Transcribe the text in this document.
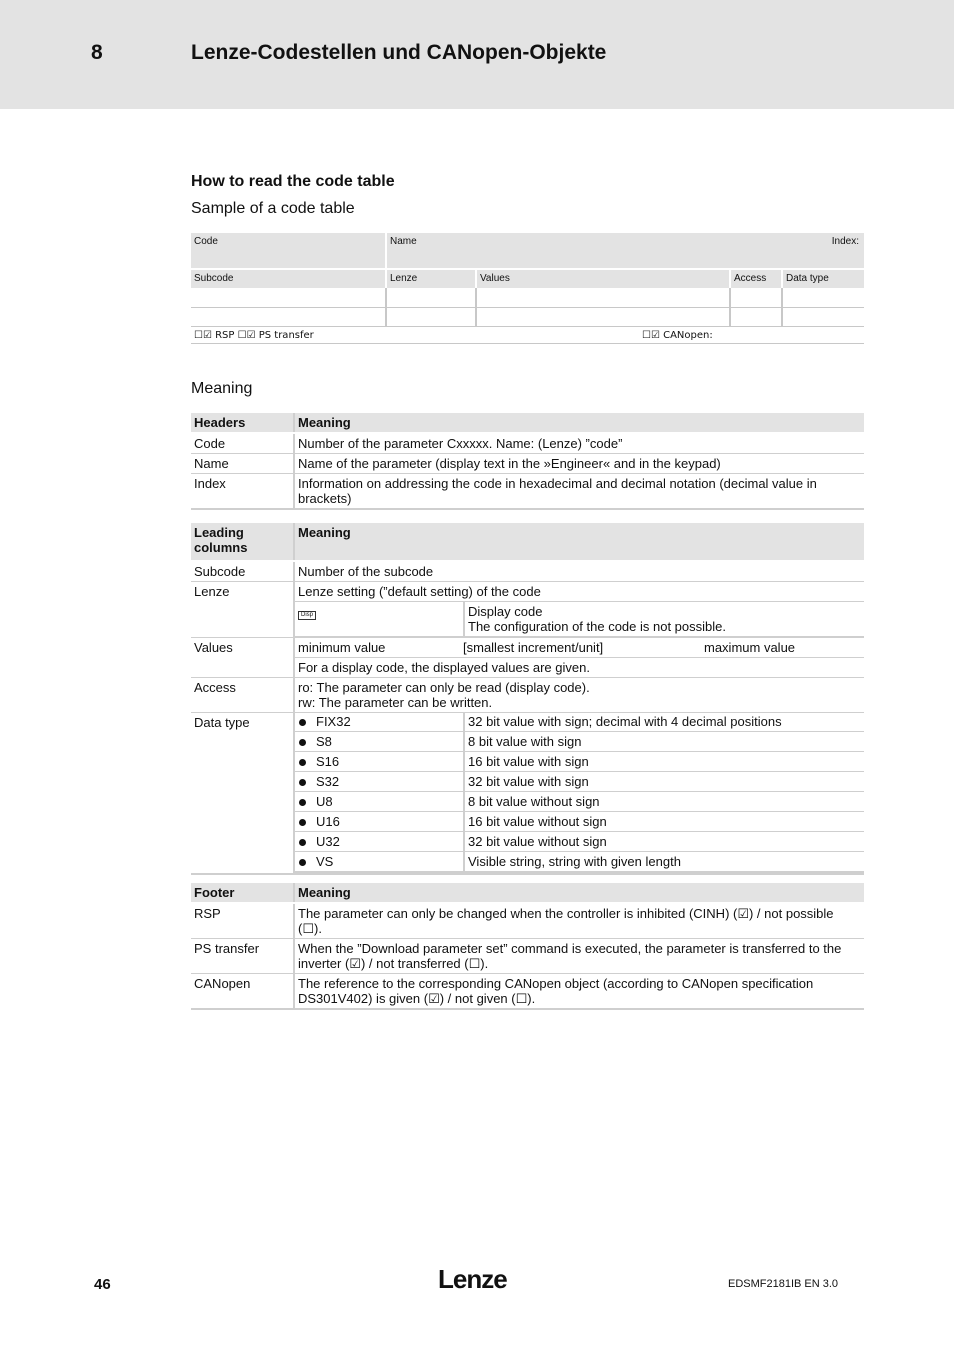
8	Lenze-Codestellen und CANopen-Objekte
How to read the code table
Sample of a code table
Code	Name	Index:
Subcode	Lenze	Values	Access	Data type
☐☑ RSP ☐☑ PS transfer	☐☑ CANopen:
Meaning
Headers	Meaning
Code	Number of the parameter Cxxxxx. Name: (Lenze) ”code”
Name	Name of the parameter (display text in the »Engineer« and in the keypad)
Index	Information on addressing the code in hexadecimal and decimal notation (decimal value in brackets)
Leading columns	Meaning
Subcode	Number of the subcode
Lenze	Lenze setting (”default setting) of the code
Disp	Display code
The configuration of the code is not possible.

Values	minimum value	[smallest increment/unit]	maximum value
For a display code, the displayed values are given.

Access	ro: The parameter can only be read (display code).
rw: The parameter can be written.

Data type		FIX32	32 bit value with sign; decimal with 4 decimal positions
S8	8 bit value with sign
S16	16 bit value with sign
S32	32 bit value with sign
U8	8 bit value without sign
U16	16 bit value without sign
U32	32 bit value without sign
VS	Visible string, string with given length
Footer	Meaning
RSP	The parameter can only be changed when the controller is inhibited (CINH) (☑) / not possible (☐).
PS transfer	When the ”Download parameter set” command is executed, the parameter is transferred to the inverter (☑) / not transferred (☐).
CANopen	The reference to the corresponding CANopen object (according to CANopen specification DS301V402) is given (☑) / not given (☐).
46	Lenze	EDSMF2181IB EN 3.0
